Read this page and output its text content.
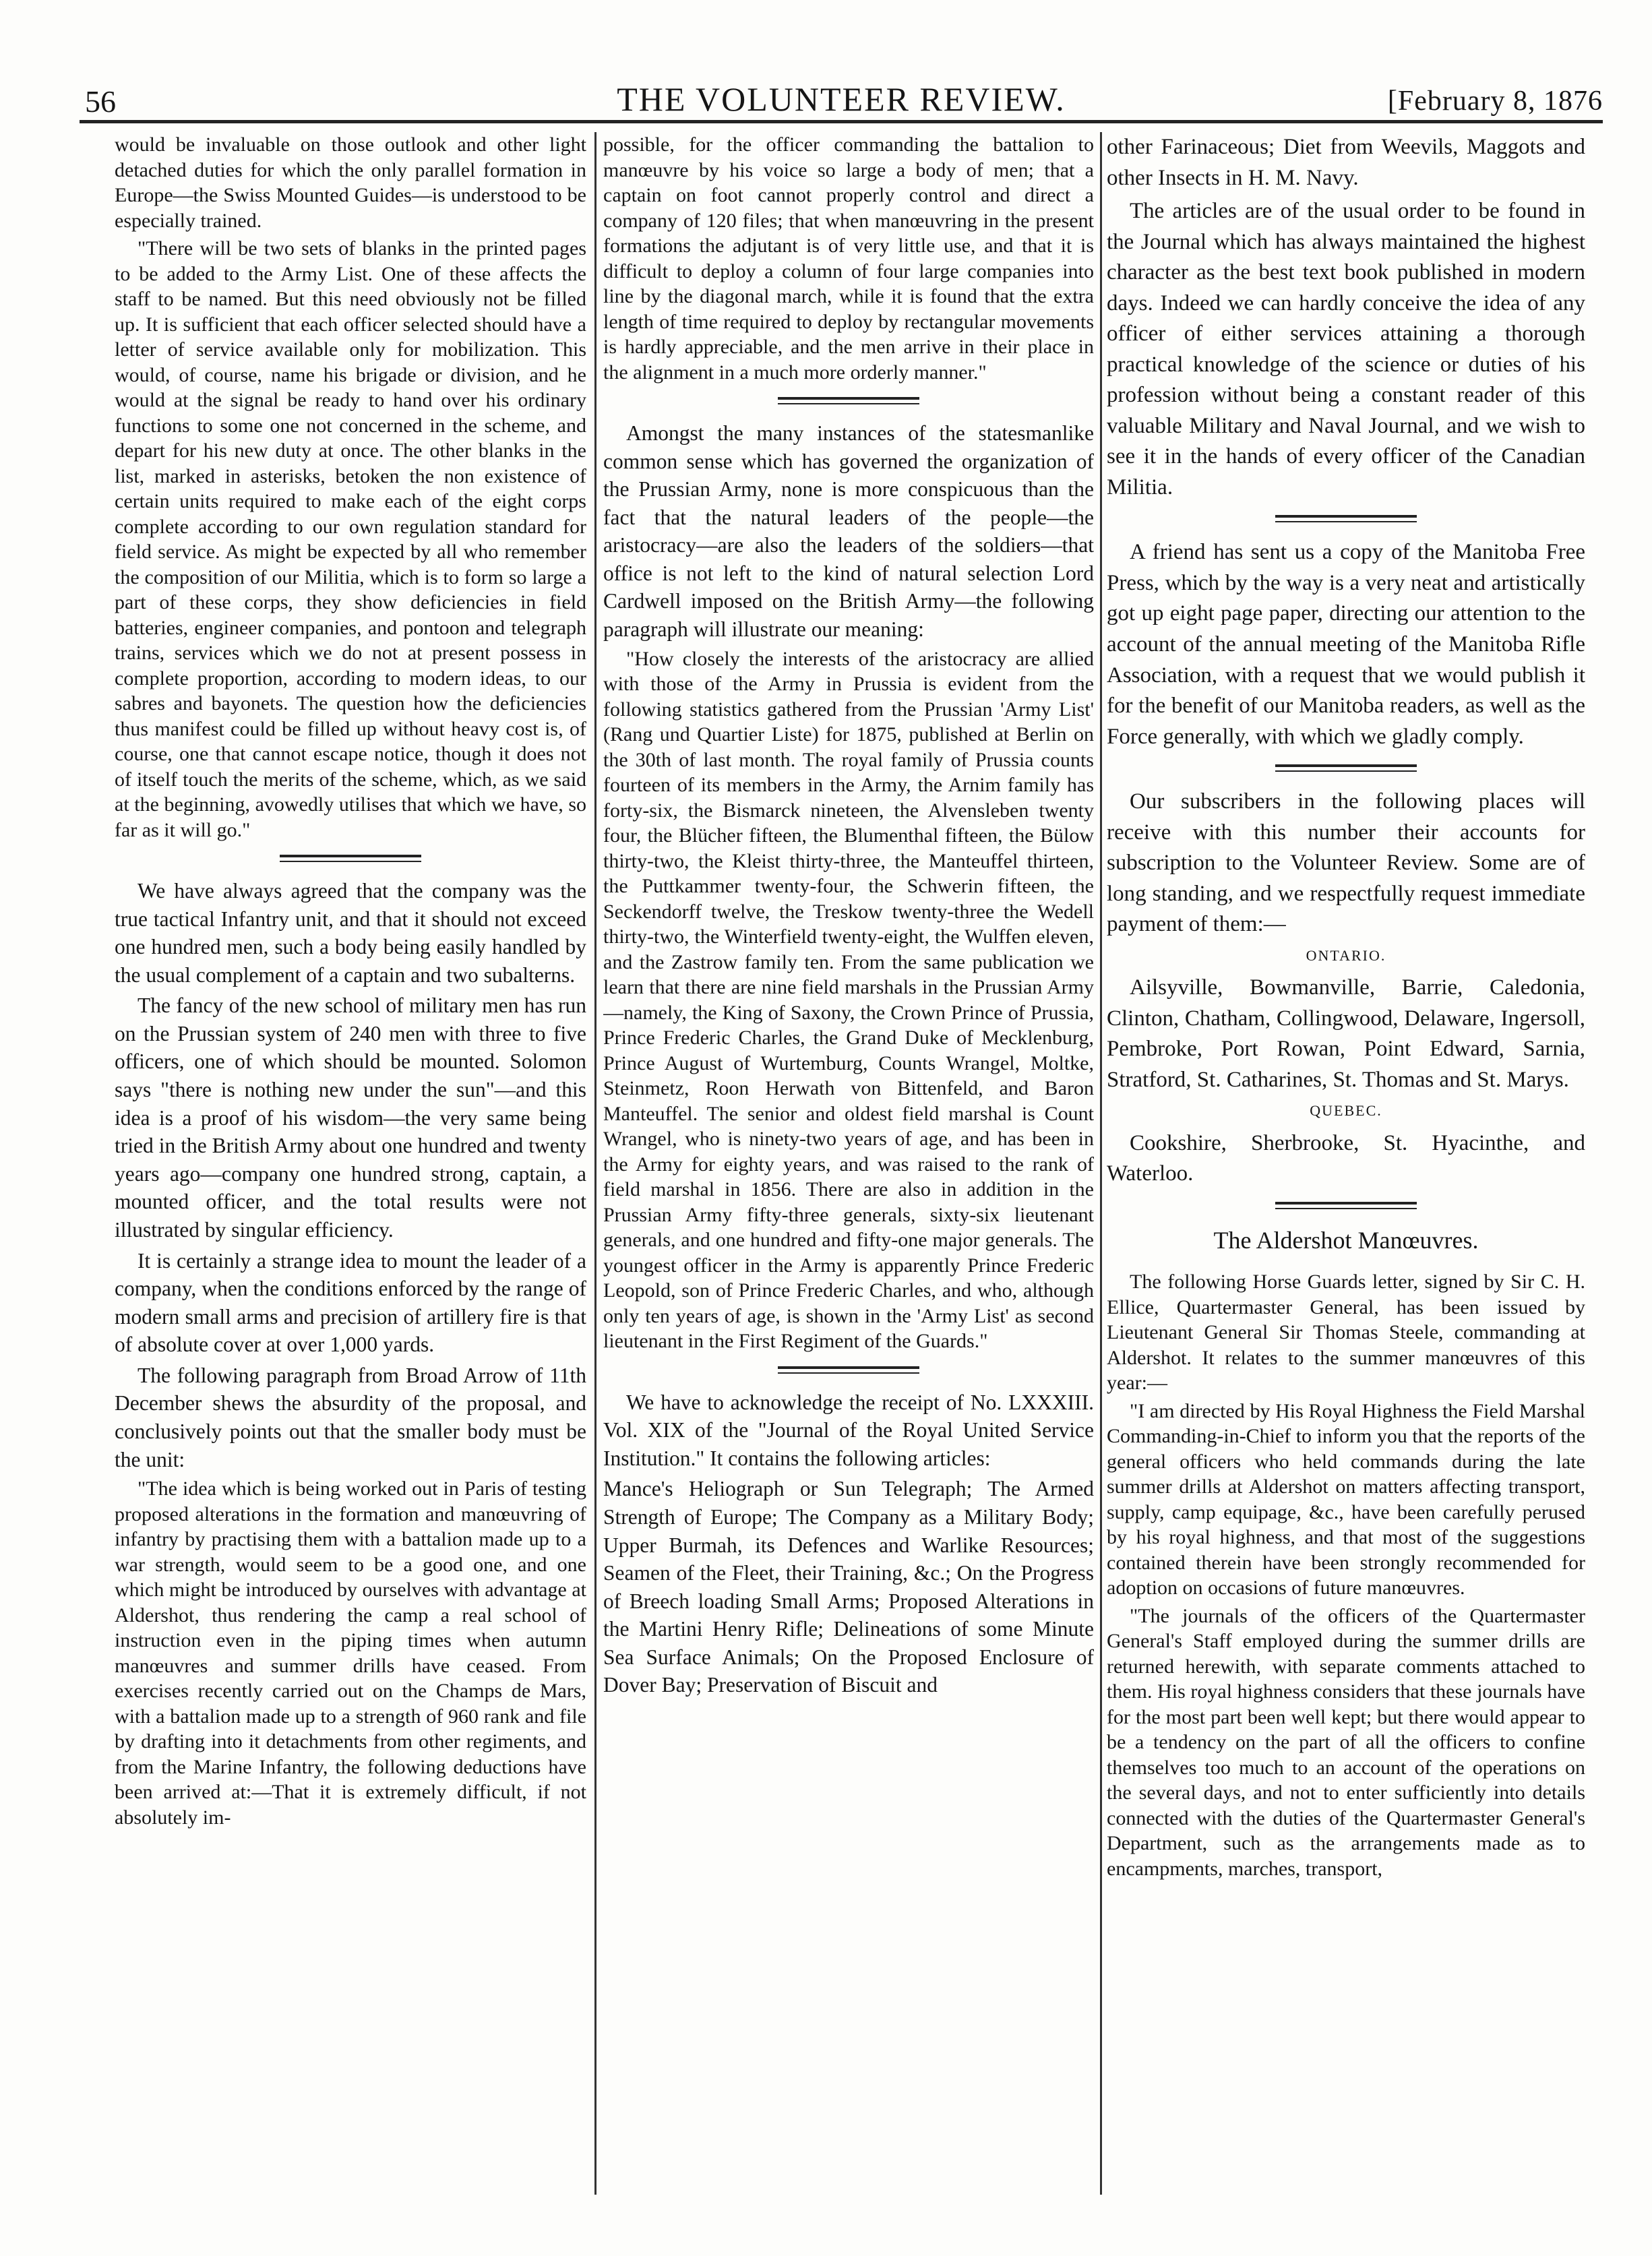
56	THE VOLUNTEER REVIEW.	[February 8, 1876

would be invaluable on those outlook and other light detached duties for which the only parallel formation in Europe—the Swiss Mounted Guides—is understood to be especially trained.

"There will be two sets of blanks in the printed pages to be added to the Army List. One of these affects the staff to be named. But this need obviously not be filled up. It is sufficient that each officer selected should have a letter of service available only for mobilization. This would, of course, name his brigade or division, and he would at the signal be ready to hand over his ordinary functions to some one not concerned in the scheme, and depart for his new duty at once. The other blanks in the list, marked in asterisks, betoken the non existence of certain units required to make each of the eight corps complete according to our own regulation standard for field service. As might be expected by all who remember the composition of our Militia, which is to form so large a part of these corps, they show deficiencies in field batteries, engineer companies, and pontoon and telegraph trains, services which we do not at present possess in complete proportion, according to modern ideas, to our sabres and bayonets. The question how the deficiencies thus manifest could be filled up without heavy cost is, of course, one that cannot escape notice, though it does not of itself touch the merits of the scheme, which, as we said at the beginning, avowedly utilises that which we have, so far as it will go."

We have always agreed that the company was the true tactical Infantry unit, and that it should not exceed one hundred men, such a body being easily handled by the usual complement of a captain and two subalterns.

The fancy of the new school of military men has run on the Prussian system of 240 men with three to five officers, one of which should be mounted. Solomon says "there is nothing new under the sun"—and this idea is a proof of his wisdom—the very same being tried in the British Army about one hundred and twenty years ago—company one hundred strong, captain, a mounted officer, and the total results were not illustrated by singular efficiency.

It is certainly a strange idea to mount the leader of a company, when the conditions enforced by the range of modern small arms and precision of artillery fire is that of absolute cover at over 1,000 yards.

The following paragraph from Broad Arrow of 11th December shews the absurdity of the proposal, and conclusively points out that the smaller body must be the unit:

"The idea which is being worked out in Paris of testing proposed alterations in the formation and manœuvring of infantry by practising them with a battalion made up to a war strength, would seem to be a good one, and one which might be introduced by ourselves with advantage at Aldershot, thus rendering the camp a real school of instruction even in the piping times when autumn manœuvres and summer drills have ceased. From exercises recently carried out on the Champs de Mars, with a battalion made up to a strength of 960 rank and file by drafting into it detachments from other regiments, and from the Marine Infantry, the following deductions have been arrived at:—That it is extremely difficult, if not absolutely im-

possible, for the officer commanding the battalion to manœuvre by his voice so large a body of men; that a captain on foot cannot properly control and direct a company of 120 files; that when manœuvring in the present formations the adjutant is of very little use, and that it is difficult to deploy a column of four large companies into line by the diagonal march, while it is found that the extra length of time required to deploy by rectangular movements is hardly appreciable, and the men arrive in their place in the alignment in a much more orderly manner."

Amongst the many instances of the statesmanlike common sense which has governed the organization of the Prussian Army, none is more conspicuous than the fact that the natural leaders of the people—the aristocracy—are also the leaders of the soldiers—that office is not left to the kind of natural selection Lord Cardwell imposed on the British Army—the following paragraph will illustrate our meaning:

"How closely the interests of the aristocracy are allied with those of the Army in Prussia is evident from the following statistics gathered from the Prussian 'Army List' (Rang und Quartier Liste) for 1875, published at Berlin on the 30th of last month. The royal family of Prussia counts fourteen of its members in the Army, the Arnim family has forty-six, the Bismarck nineteen, the Alvensleben twenty four, the Blücher fifteen, the Blumenthal fifteen, the Bülow thirty-two, the Kleist thirty-three, the Manteuffel thirteen, the Puttkammer twenty-four, the Schwerin fifteen, the Seckendorff twelve, the Treskow twenty-three the Wedell thirty-two, the Winterfield twenty-eight, the Wulffen eleven, and the Zastrow family ten. From the same publication we learn that there are nine field marshals in the Prussian Army—namely, the King of Saxony, the Crown Prince of Prussia, Prince Frederic Charles, the Grand Duke of Mecklenburg, Prince August of Wurtemburg, Counts Wrangel, Moltke, Steinmetz, Roon Herwath von Bittenfeld, and Baron Manteuffel. The senior and oldest field marshal is Count Wrangel, who is ninety-two years of age, and has been in the Army for eighty years, and was raised to the rank of field marshal in 1856. There are also in addition in the Prussian Army fifty-three generals, sixty-six lieutenant generals, and one hundred and fifty-one major generals. The youngest officer in the Army is apparently Prince Frederic Leopold, son of Prince Frederic Charles, and who, although only ten years of age, is shown in the 'Army List' as second lieutenant in the First Regiment of the Guards."

We have to acknowledge the receipt of No. LXXXIII. Vol. XIX of the "Journal of the Royal United Service Institution." It contains the following articles:

Mance's Heliograph or Sun Telegraph; The Armed Strength of Europe; The Company as a Military Body; Upper Burmah, its Defences and Warlike Resources; Seamen of the Fleet, their Training, &c.; On the Progress of Breech loading Small Arms; Proposed Alterations in the Martini Henry Rifle; Delineations of some Minute Sea Surface Animals; On the Proposed Enclosure of Dover Bay; Preservation of Biscuit and

other Farinaceous; Diet from Weevils, Maggots and other Insects in H. M. Navy.

The articles are of the usual order to be found in the Journal which has always maintained the highest character as the best text book published in modern days. Indeed we can hardly conceive the idea of any officer of either services attaining a thorough practical knowledge of the science or duties of his profession without being a constant reader of this valuable Military and Naval Journal, and we wish to see it in the hands of every officer of the Canadian Militia.

A friend has sent us a copy of the Manitoba Free Press, which by the way is a very neat and artistically got up eight page paper, directing our attention to the account of the annual meeting of the Manitoba Rifle Association, with a request that we would publish it for the benefit of our Manitoba readers, as well as the Force generally, with which we gladly comply.

Our subscribers in the following places will receive with this number their accounts for subscription to the Volunteer Review. Some are of long standing, and we respectfully request immediate payment of them:—

ONTARIO.

Ailsyville, Bowmanville, Barrie, Caledonia, Clinton, Chatham, Collingwood, Delaware, Ingersoll, Pembroke, Port Rowan, Point Edward, Sarnia, Stratford, St. Catharines, St. Thomas and St. Marys.

QUEBEC.

Cookshire, Sherbrooke, St. Hyacinthe, and Waterloo.

The Aldershot Manœuvres.

The following Horse Guards letter, signed by Sir C. H. Ellice, Quartermaster General, has been issued by Lieutenant General Sir Thomas Steele, commanding at Aldershot. It relates to the summer manœuvres of this year:—

"I am directed by His Royal Highness the Field Marshal Commanding-in-Chief to inform you that the reports of the general officers who held commands during the late summer drills at Aldershot on matters affecting transport, supply, camp equipage, &c., have been carefully perused by his royal highness, and that most of the suggestions contained therein have been strongly recommended for adoption on occasions of future manœuvres.

"The journals of the officers of the Quartermaster General's Staff employed during the summer drills are returned herewith, with separate comments attached to them. His royal highness considers that these journals have for the most part been well kept; but there would appear to be a tendency on the part of all the officers to confine themselves too much to an account of the operations on the several days, and not to enter sufficiently into details connected with the duties of the Quartermaster General's Department, such as the arrangements made as to encampments, marches, transport,
